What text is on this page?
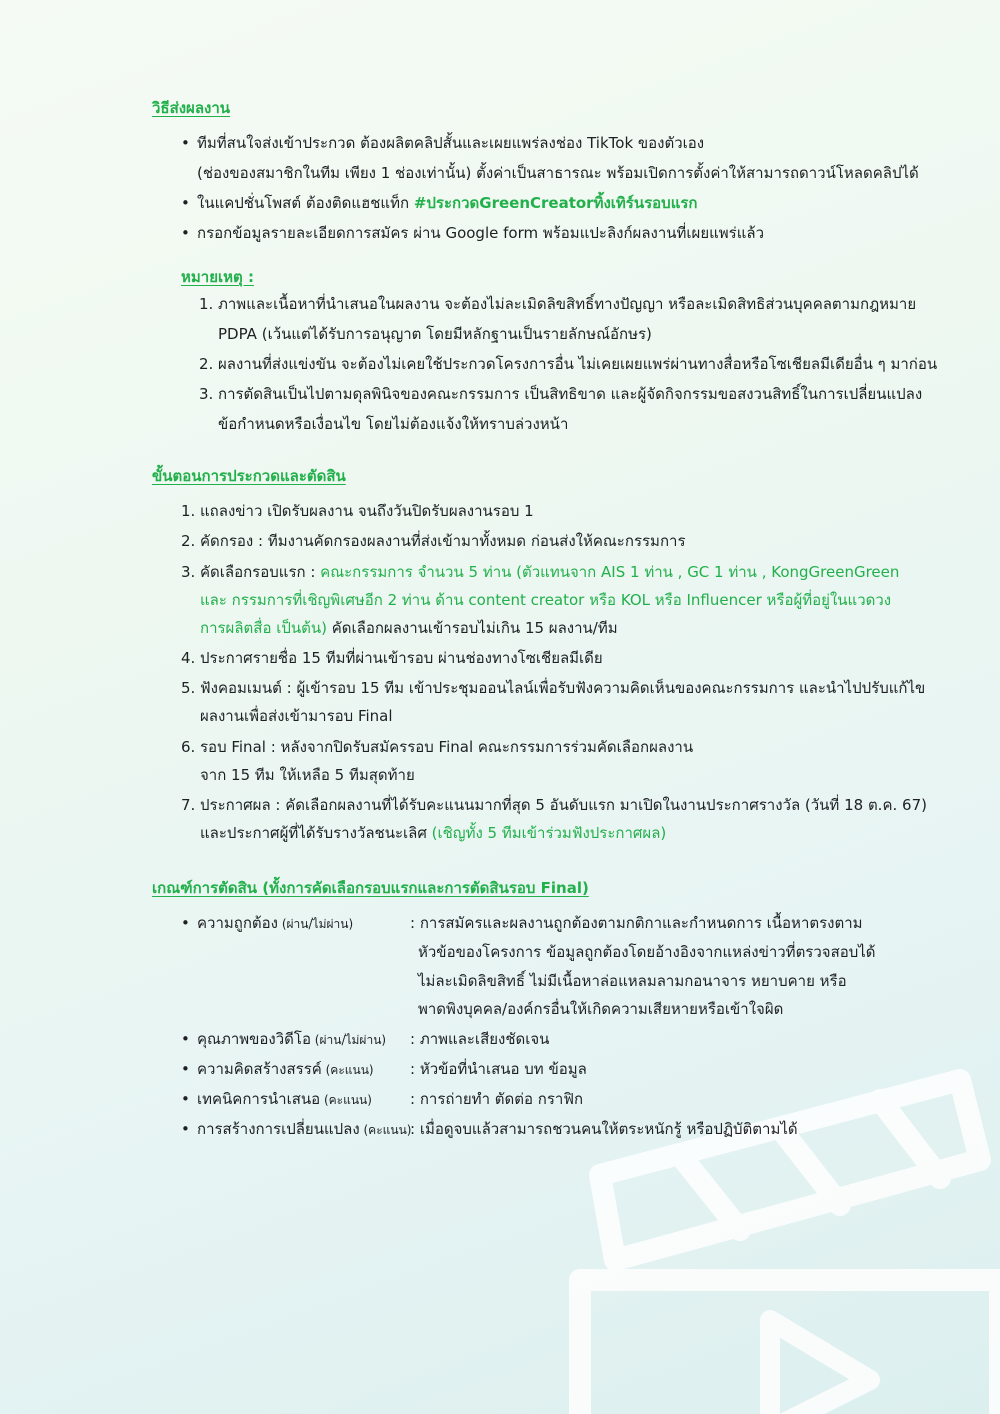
วิธีส่งผลงาน
• ทีมที่สนใจส่งเข้าประกวด ต้องผลิตคลิปสั้นและเผยแพร่ลงช่อง TikTok ของตัวเอง
(ช่องของสมาชิกในทีม เพียง 1 ช่องเท่านั้น) ตั้งค่าเป็นสาธารณะ พร้อมเปิดการตั้งค่าให้สามารถดาวน์โหลดคลิปได้
• ในแคปชั่นโพสต์ ต้องติดแฮชแท็ก #ประกวดGreenCreatorทิ้งเทิร์นรอบแรก
• กรอกข้อมูลรายละเอียดการสมัคร ผ่าน Google form พร้อมแปะลิงก์ผลงานที่เผยแพร่แล้ว
หมายเหตุ :
1. ภาพและเนื้อหาที่นำเสนอในผลงาน จะต้องไม่ละเมิดลิขสิทธิ์ทางปัญญา หรือละเมิดสิทธิส่วนบุคคลตามกฎหมาย
PDPA (เว้นแต่ได้รับการอนุญาต โดยมีหลักฐานเป็นรายลักษณ์อักษร)
2. ผลงานที่ส่งแข่งขัน จะต้องไม่เคยใช้ประกวดโครงการอื่น ไม่เคยเผยแพร่ผ่านทางสื่อหรือโซเชียลมีเดียอื่น ๆ มาก่อน
3. การตัดสินเป็นไปตามดุลพินิจของคณะกรรมการ เป็นสิทธิขาด และผู้จัดกิจกรรมขอสงวนสิทธิ์ในการเปลี่ยนแปลง
ข้อกำหนดหรือเงื่อนไข โดยไม่ต้องแจ้งให้ทราบล่วงหน้า
ขั้นตอนการประกวดและตัดสิน
1. แถลงข่าว เปิดรับผลงาน จนถึงวันปิดรับผลงานรอบ 1
2. คัดกรอง : ทีมงานคัดกรองผลงานที่ส่งเข้ามาทั้งหมด ก่อนส่งให้คณะกรรมการ
3. คัดเลือกรอบแรก : คณะกรรมการ จำนวน 5 ท่าน (ตัวแทนจาก AIS 1 ท่าน , GC 1 ท่าน , KongGreenGreen
และ กรรมการที่เชิญพิเศษอีก 2 ท่าน ด้าน content creator หรือ KOL หรือ Influencer หรือผู้ที่อยู่ในแวดวง
การผลิตสื่อ เป็นต้น) คัดเลือกผลงานเข้ารอบไม่เกิน 15 ผลงาน/ทีม
4. ประกาศรายชื่อ 15 ทีมที่ผ่านเข้ารอบ ผ่านช่องทางโซเชียลมีเดีย
5. ฟังคอมเมนต์ : ผู้เข้ารอบ 15 ทีม เข้าประชุมออนไลน์เพื่อรับฟังความคิดเห็นของคณะกรรมการ และนำไปปรับแก้ไข
ผลงานเพื่อส่งเข้ามารอบ Final
6. รอบ Final : หลังจากปิดรับสมัครรอบ Final คณะกรรมการร่วมคัดเลือกผลงาน
จาก 15 ทีม ให้เหลือ 5 ทีมสุดท้าย
7. ประกาศผล : คัดเลือกผลงานที่ได้รับคะแนนมากที่สุด 5 อันดับแรก มาเปิดในงานประกาศรางวัล (วันที่ 18 ต.ค. 67)
และประกาศผู้ที่ได้รับรางวัลชนะเลิศ (เชิญทั้ง 5 ทีมเข้าร่วมฟังประกาศผล)
เกณฑ์การตัดสิน (ทั้งการคัดเลือกรอบแรกและการตัดสินรอบ Final)
• ความถูกต้อง (ผ่าน/ไม่ผ่าน)	: การสมัครและผลงานถูกต้องตามกติกาและกำหนดการ เนื้อหาตรงตาม
หัวข้อของโครงการ ข้อมูลถูกต้องโดยอ้างอิงจากแหล่งข่าวที่ตรวจสอบได้
ไม่ละเมิดลิขสิทธิ์ ไม่มีเนื้อหาล่อแหลมลามกอนาจาร หยาบคาย หรือ
พาดพิงบุคคล/องค์กรอื่นให้เกิดความเสียหายหรือเข้าใจผิด
• คุณภาพของวิดีโอ (ผ่าน/ไม่ผ่าน) : ภาพและเสียงชัดเจน
• ความคิดสร้างสรรค์ (คะแนน) : หัวข้อที่นำเสนอ บท ข้อมูล
• เทคนิคการนำเสนอ (คะแนน)	: การถ่ายทำ ตัดต่อ กราฟิก
• การสร้างการเปลี่ยนแปลง (คะแนน)
: เมื่อดูจบแล้วสามารถชวนคนให้ตระหนักรู้ หรือปฏิบัติตามได้
